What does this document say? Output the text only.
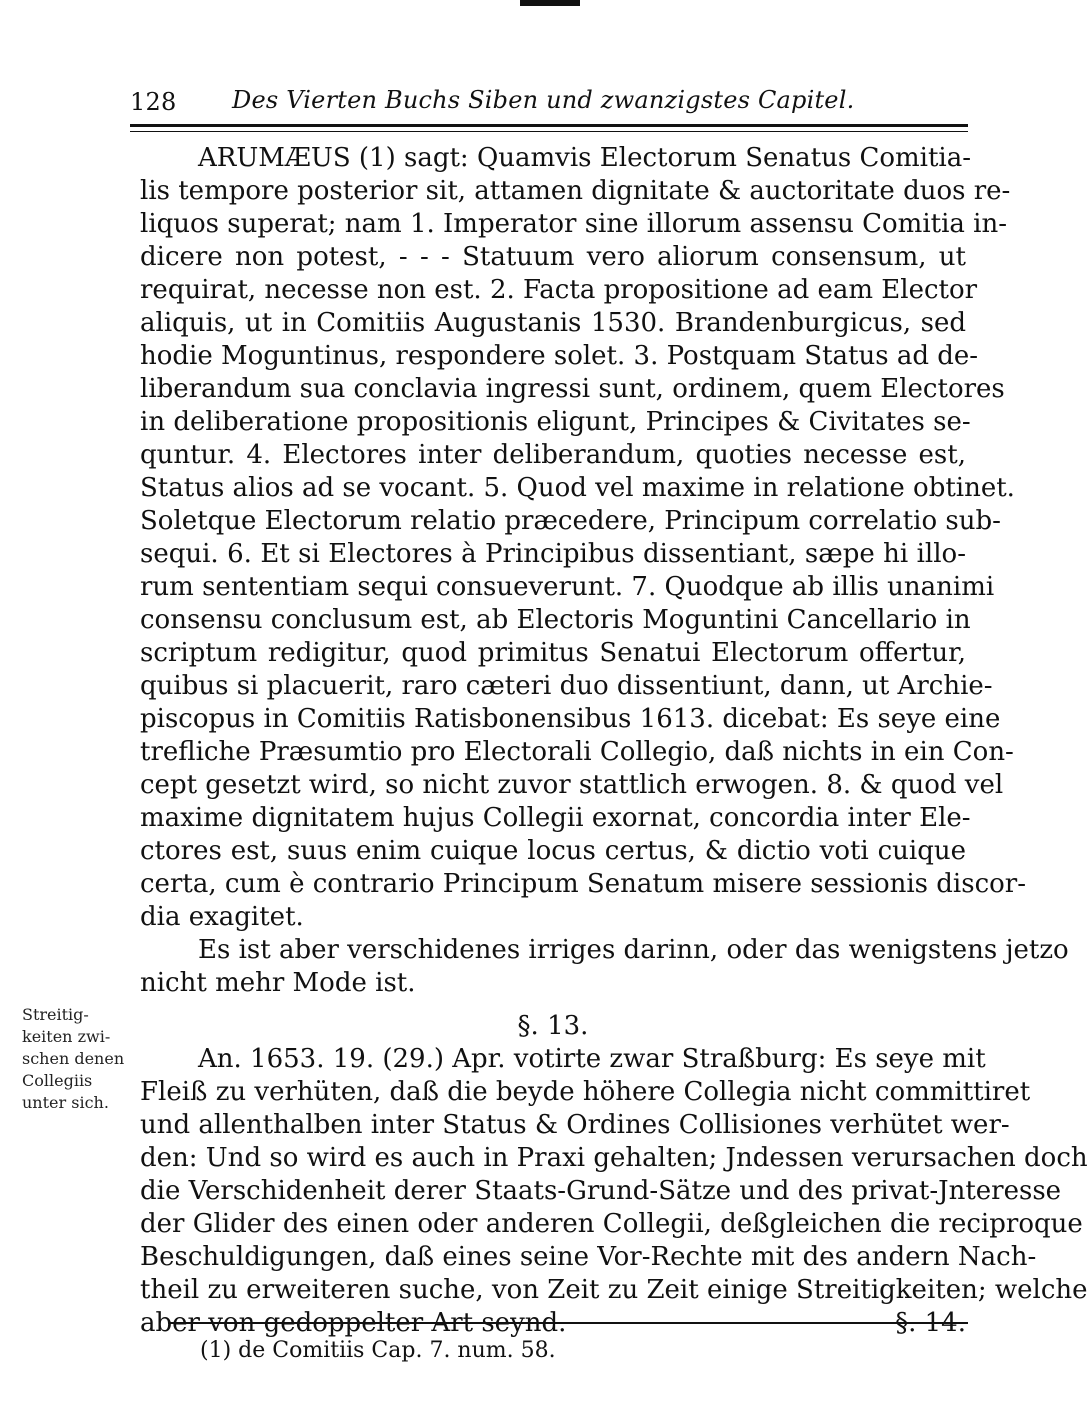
128 Des Vierten Buchs Siben und zwanzigstes Capitel.
ARUMÆUS (1) sagt: Quamvis Electorum Senatus Comitia-
lis tempore posterior sit, attamen dignitate & auctoritate duos re-
liquos superat; nam 1. Imperator sine illorum assensu Comitia in-
dicere non potest, - - - Statuum vero aliorum consensum, ut
requirat, necesse non est. 2. Facta propositione ad eam Elector
aliquis, ut in Comitiis Augustanis 1530. Brandenburgicus, sed
hodie Moguntinus, respondere solet. 3. Postquam Status ad de-
liberandum sua conclavia ingressi sunt, ordinem, quem Electores
in deliberatione propositionis eligunt, Principes & Civitates se-
quntur. 4. Electores inter deliberandum, quoties necesse est,
Status alios ad se vocant. 5. Quod vel maxime in relatione obtinet.
Soletque Electorum relatio præcedere, Principum correlatio sub-
sequi. 6. Et si Electores à Principibus dissentiant, sæpe hi illo-
rum sententiam sequi consueverunt. 7. Quodque ab illis unanimi
consensu conclusum est, ab Electoris Moguntini Cancellario in
scriptum redigitur, quod primitus Senatui Electorum offertur,
quibus si placuerit, raro cæteri duo dissentiunt, dann, ut Archie-
piscopus in Comitiis Ratisbonensibus 1613. dicebat: Es seye eine
trefliche Præsumtio pro Electorali Collegio, daß nichts in ein Con-
cept gesetzt wird, so nicht zuvor stattlich erwogen. 8. & quod vel
maxime dignitatem hujus Collegii exornat, concordia inter Ele-
ctores est, suus enim cuique locus certus, & dictio voti cuique
certa, cum è contrario Principum Senatum misere sessionis discor-
dia exagitet.
Es ist aber verschidenes irriges darinn, oder das wenigstens jetzo
nicht mehr Mode ist.
§. 13.
An. 1653. 19. (29.) Apr. votirte zwar Straßburg: Es seye mit
Fleiß zu verhüten, daß die beyde höhere Collegia nicht committiret
und allenthalben inter Status & Ordines Collisiones verhütet wer-
den: Und so wird es auch in Praxi gehalten; Jndessen verursachen doch
die Verschidenheit derer Staats-Grund-Sätze und des privat-Jnteresse
der Glider des einen oder anderen Collegii, deßgleichen die reciproque
Beschuldigungen, daß eines seine Vor-Rechte mit des andern Nach-
theil zu erweiteren suche, von Zeit zu Zeit einige Streitigkeiten; welche
aber von gedoppelter Art seynd.	§. 14.
Streitig-
keiten zwi-
schen denen
Collegiis
unter sich.
(1) de Comitiis Cap. 7. num. 58.
